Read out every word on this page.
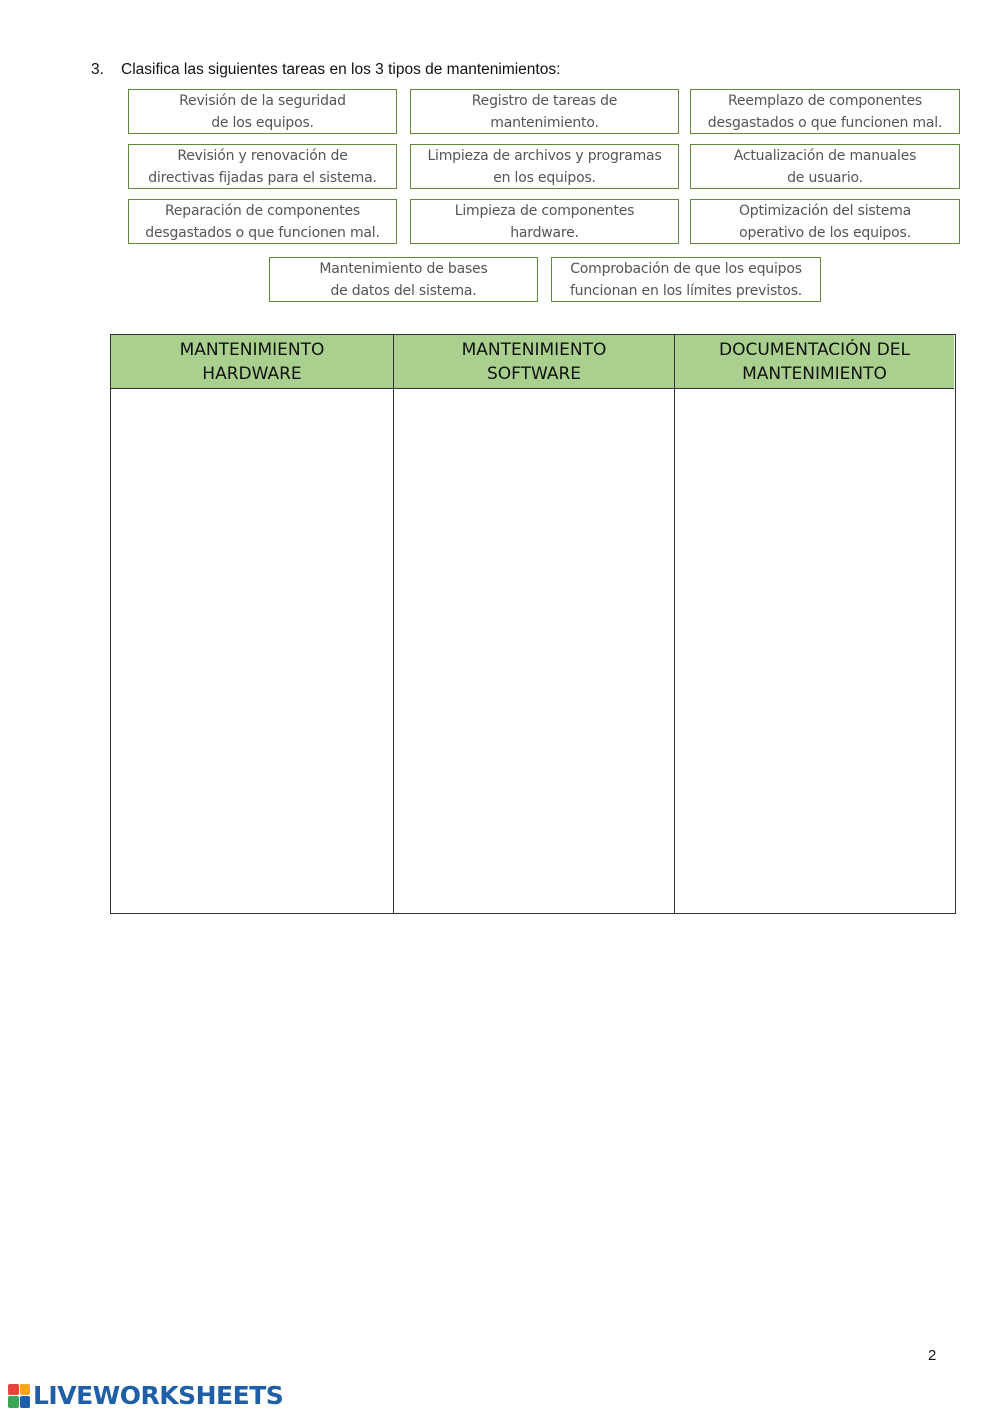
3. Clasifica las siguientes tareas en los 3 tipos de mantenimientos:
Revisión de la seguridad
de los equipos.
Registro de tareas de
mantenimiento.
Reemplazo de componentes
desgastados o que funcionen mal.
Revisión y renovación de
directivas fijadas para el sistema.
Limpieza de archivos y programas
en los equipos.
Actualización de manuales
de usuario.
Reparación de componentes
desgastados o que funcionen mal.
Limpieza de componentes
hardware.
Optimización del sistema
operativo de los equipos.
Mantenimiento de bases
de datos del sistema.
Comprobación de que los equipos
funcionan en los límites previstos.
MANTENIMIENTO
HARDWARE
MANTENIMIENTO
SOFTWARE
DOCUMENTACIÓN DEL
MANTENIMIENTO
2
LIVEWORKSHEETS
